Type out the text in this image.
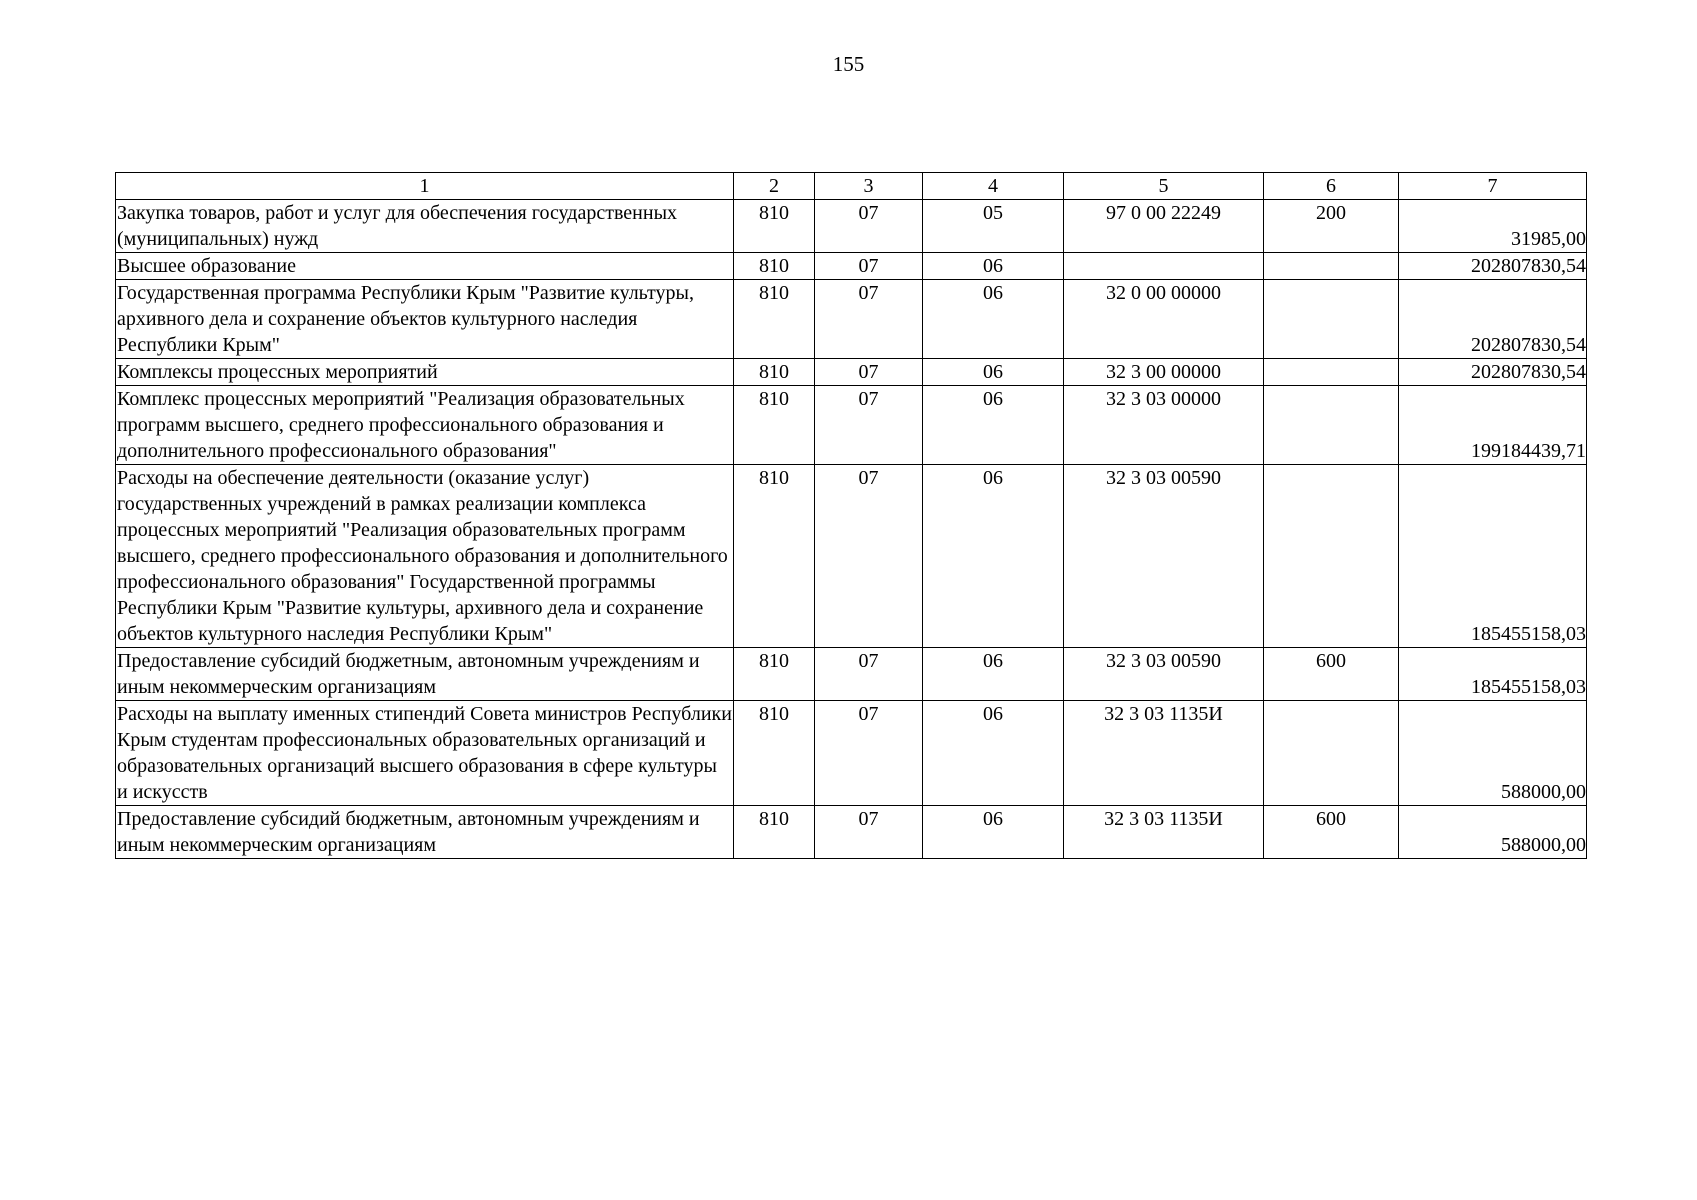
155
1	2	3	4	5	6	7
Закупка товаров, работ и услуг для обеспечения государственных (муниципальных) нужд	810	07	05	97 0 00 22249	200	31985,00
Высшее образование	810	07	06			202807830,54
Государственная программа Республики Крым "Развитие культуры, архивного дела и сохранение объектов культурного наследия Республики Крым"	810	07	06	32 0 00 00000		202807830,54
Комплексы процессных мероприятий	810	07	06	32 3 00 00000		202807830,54
Комплекс процессных мероприятий "Реализация образовательных программ высшего, среднего профессионального образования и дополнительного профессионального образования"	810	07	06	32 3 03 00000		199184439,71
Расходы на обеспечение деятельности (оказание услуг) государственных учреждений в рамках реализации комплекса процессных мероприятий "Реализация образовательных программ высшего, среднего профессионального образования и дополнительного профессионального образования" Государственной программы Республики Крым "Развитие культуры, архивного дела и сохранение объектов культурного наследия Республики Крым"	810	07	06	32 3 03 00590		185455158,03
Предоставление субсидий бюджетным, автономным учреждениям и иным некоммерческим организациям	810	07	06	32 3 03 00590	600	185455158,03
Расходы на выплату именных стипендий Совета министров Республики Крым студентам профессиональных образовательных организаций и образовательных организаций высшего образования в сфере культуры и искусств	810	07	06	32 3 03 1135И		588000,00
Предоставление субсидий бюджетным, автономным учреждениям и иным некоммерческим организациям	810	07	06	32 3 03 1135И	600	588000,00
